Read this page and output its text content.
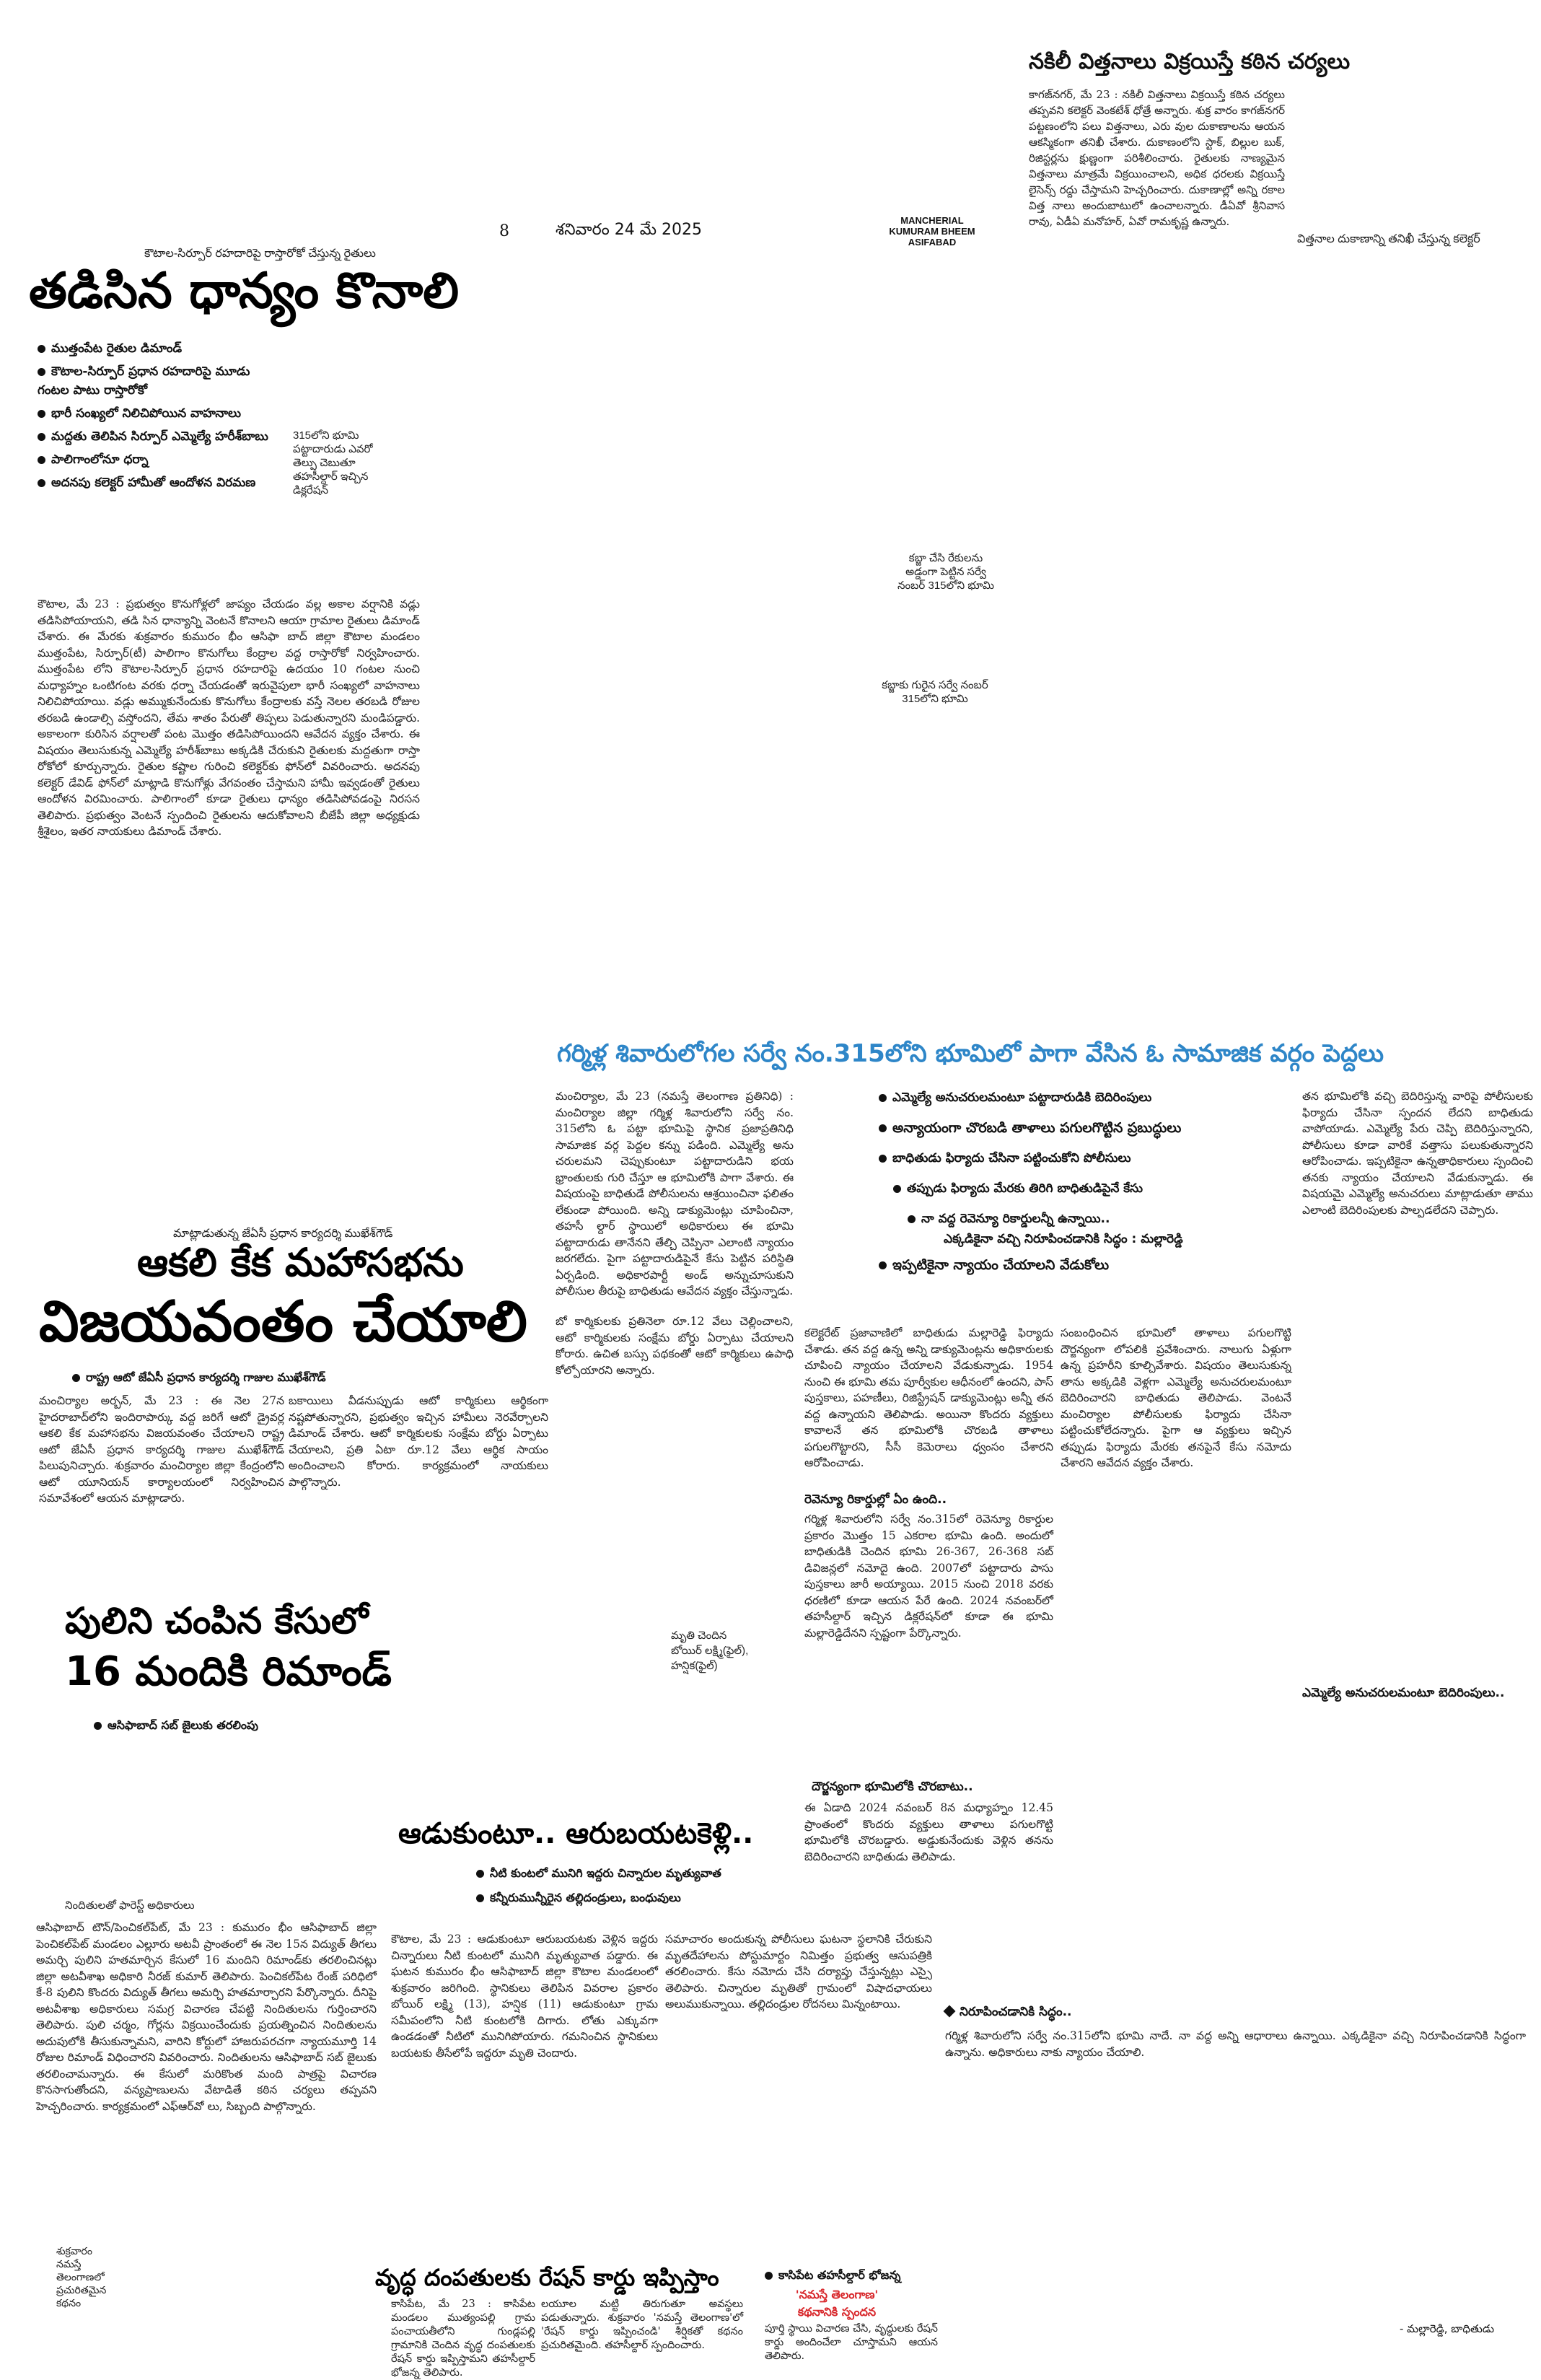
8	శనివారం 24 మే 2025
MANCHERIAL
KUMURAM BHEEM
ASIFABAD
నకిలీ విత్తనాలు విక్రయిస్తే కఠిన చర్యలు
కాగజ్‌నగర్, మే 23 : నకిలీ విత్తనాలు విక్రయిస్తే కఠిన చర్యలు తప్పవని కలెక్టర్ వెంకటేశ్ ధోత్రే అన్నారు. శుక్ర వారం కాగజ్‌నగర్ పట్టణంలోని పలు విత్తనాలు, ఎరు వుల దుకాణాలను ఆయన ఆకస్మికంగా తనిఖీ చేశారు. దుకాణంలోని స్టాక్, బిల్లుల బుక్, రిజిస్టర్లను క్షుణ్ణంగా పరిశీలించారు. రైతులకు నాణ్యమైన విత్తనాలు మాత్రమే విక్రయించాలని, అధిక ధరలకు విక్రయిస్తే లైసెన్స్ రద్దు చేస్తామని హెచ్చరించారు. దుకాణాల్లో అన్ని రకాల విత్త నాలు అందుబాటులో ఉంచాలన్నారు. డీఏవో శ్రీనివాస రావు, ఏడీఏ మనోహర్, ఏవో రామకృష్ణ ఉన్నారు.
విత్తనాల దుకాణాన్ని తనిఖీ చేస్తున్న కలెక్టర్
కౌటాల-సిర్పూర్ రహదారిపై రాస్తారోకో చేస్తున్న రైతులు
తడిసిన ధాన్యం కొనాలి
ముత్తంపేట రైతుల డిమాండ్
కౌటాల-సిర్పూర్ ప్రధాన రహదారిపై మూడు గంటల పాటు రాస్తారోకో
భారీ సంఖ్యలో నిలిచిపోయిన వాహనాలు
మద్దతు తెలిపిన సిర్పూర్ ఎమ్మెల్యే హరీశ్‌బాబు
పాలిగాంలోనూ ధర్నా
అదనపు కలెక్టర్ హామీతో ఆందోళన విరమణ
కౌటాల, మే 23 : ప్రభుత్వం కొనుగోళ్లలో జాప్యం చేయడం వల్ల అకాల వర్షానికి వడ్లు తడిసిపోయాయని, తడి సిన ధాన్యాన్ని వెంటనే కొనాలని ఆయా గ్రామాల రైతులు డిమాండ్ చేశారు. ఈ మేరకు శుక్రవారం కుమురం భీం ఆసిఫా బాద్ జిల్లా కౌటాల మండలం ముత్తంపేట, సిర్పూర్(టీ) పాలిగాం కొనుగోలు కేంద్రాల వద్ద రాస్తారోకో నిర్వహించారు. ముత్తంపేట లోని కౌటాల-సిర్పూర్ ప్రధాన రహదారిపై ఉదయం 10 గంటల నుంచి మధ్యాహ్నం ఒంటిగంట వరకు ధర్నా చేయడంతో ఇరువైపులా భారీ సంఖ్యలో వాహనాలు నిలిచిపోయాయి. వడ్లు అమ్ముకునేందుకు కొనుగోలు కేంద్రాలకు వస్తే నెలల తరబడి రోజుల తరబడి ఉండాల్సి వస్తోందని, తేమ శాతం పేరుతో తిప్పలు పెడుతున్నారని మండిపడ్డారు. అకాలంగా కురిసిన వర్షాలతో పంట మొత్తం తడిసిపోయిందని ఆవేదన వ్యక్తం చేశారు. ఈ విషయం తెలుసుకున్న ఎమ్మెల్యే హరీశ్‌బాబు అక్కడికి చేరుకుని రైతులకు మద్దతుగా రాస్తా రోకోలో కూర్చున్నారు. రైతుల కష్టాల గురించి కలెక్టర్‌కు ఫోన్‌లో వివరించారు. అదనపు కలెక్టర్ డేవిడ్ ఫోన్‌లో మాట్లాడి కొనుగోళ్లు వేగవంతం చేస్తామని హామీ ఇవ్వడంతో రైతులు ఆందోళన విరమించారు. పాలిగాంలో కూడా రైతులు ధాన్యం తడిసిపోవడంపై నిరసన తెలిపారు. ప్రభుత్వం వెంటనే స్పందించి రైతులను ఆదుకోవాలని బీజేపీ జిల్లా అధ్యక్షుడు శ్రీశైలం, ఇతర నాయకులు డిమాండ్ చేశారు.
315లోని భూమి పట్టాదారుడు ఎవరో తెల్పు చెబుతూ తహసీల్దార్ ఇచ్చిన డిక్లరేషన్
కబ్జా చేసి రేకులను అడ్డంగా పెట్టిన సర్వే నంబర్ 315లోని భూమి
కబ్జాకు గురైన సర్వే నంబర్ 315లోని భూమి
గర్మిళ్ల శివారులోగల సర్వే నం.315లోని భూమిలో పాగా వేసిన ఓ సామాజిక వర్గం పెద్దలు
మంచిర్యాల, మే 23 (నమస్తే తెలంగాణ ప్రతినిధి) : మంచిర్యాల జిల్లా గర్మిళ్ల శివారులోని సర్వే నం. 315లోని ఓ పట్టా భూమిపై స్థానిక ప్రజాప్రతినిధి సామాజిక వర్గ పెద్దల కన్ను పడింది. ఎమ్మెల్యే అను చరులమని చెప్పుకుంటూ పట్టాదారుడిని భయ భ్రాంతులకు గురి చేస్తూ ఆ భూమిలోకి పాగా వేశారు. ఈ విషయంపై బాధితుడే పోలీసులను ఆశ్రయించినా ఫలితం లేకుండా పోయింది. అన్ని డాక్యుమెంట్లు చూపించినా, తహసీ ల్దార్ స్థాయిలో అధికారులు ఈ భూమి పట్టాదారుడు తానేనని తేల్చి చెప్పినా ఎలాంటి న్యాయం జరగలేదు. పైగా పట్టాదారుడిపైనే కేసు పెట్టిన పరిస్థితి ఏర్పడింది. అధికారపార్టీ అండ్ అన్నుచూసుకుని పోలీసుల తీరుపై బాధితుడు ఆవేదన వ్యక్తం చేస్తున్నాడు.
ఎమ్మెల్యే అనుచరులమంటూ పట్టాదారుడికి బెదిరింపులు
అన్యాయంగా చొరబడి తాళాలు పగులగొట్టిన ప్రబుద్ధులు
బాధితుడు ఫిర్యాదు చేసినా పట్టించుకోని పోలీసులు
తప్పుడు ఫిర్యాదు మేరకు తిరిగి బాధితుడిపైనే కేసు
నా వద్ద రెవెన్యూ రికార్డులన్నీ ఉన్నాయి..
ఎక్కడికైనా వచ్చి నిరూపించడానికి సిద్ధం : మల్లారెడ్డి
ఇప్పటికైనా న్యాయం చేయాలని వేడుకోలు
తన భూమిలోకి వచ్చి బెదిరిస్తున్న వారిపై పోలీసులకు ఫిర్యాదు చేసినా స్పందన లేదని బాధితుడు వాపోయాడు. ఎమ్మెల్యే పేరు చెప్పి బెదిరిస్తున్నారని, పోలీసులు కూడా వారికే వత్తాసు పలుకుతున్నారని ఆరోపించాడు. ఇప్పటికైనా ఉన్నతాధికారులు స్పందించి తనకు న్యాయం చేయాలని వేడుకున్నాడు. ఈ విషయమై ఎమ్మెల్యే అనుచరులు మాట్లాడుతూ తాము ఎలాంటి బెదిరింపులకు పాల్పడలేదని చెప్పారు.
కలెక్టరేట్ ప్రజావాణిలో బాధితుడు మల్లారెడ్డి ఫిర్యాదు చేశాడు. తన వద్ద ఉన్న అన్ని డాక్యుమెంట్లను అధికారులకు చూపించి న్యాయం చేయాలని వేడుకున్నాడు. 1954 నుంచి ఈ భూమి తమ పూర్వీకుల ఆధీనంలో ఉందని, పాస్ పుస్తకాలు, పహణీలు, రిజిస్ట్రేషన్ డాక్యుమెంట్లు అన్నీ తన వద్ద ఉన్నాయని తెలిపాడు. అయినా కొందరు వ్యక్తులు కావాలనే తన భూమిలోకి చొరబడి తాళాలు పగులగొట్టారని, సీసీ కెమెరాలు ధ్వంసం చేశారని ఆరోపించాడు.
రెవెన్యూ రికార్డుల్లో ఏం ఉంది..
గర్మిళ్ల శివారులోని సర్వే నం.315లో రెవెన్యూ రికార్డుల ప్రకారం మొత్తం 15 ఎకరాల భూమి ఉంది. అందులో బాధితుడికి చెందిన భూమి 26-367, 26-368 సబ్ డివిజన్లలో నమోదై ఉంది. 2007లో పట్టాదారు పాసు పుస్తకాలు జారీ అయ్యాయి. 2015 నుంచి 2018 వరకు ధరణిలో కూడా ఆయన పేరే ఉంది. 2024 నవంబర్‌లో తహసీల్దార్ ఇచ్చిన డిక్లరేషన్‌లో కూడా ఈ భూమి మల్లారెడ్డిదేనని స్పష్టంగా పేర్కొన్నారు.
దౌర్జన్యంగా భూమిలోకి చొరబాటు..
ఈ ఏడాది 2024 నవంబర్ 8న మధ్యాహ్నం 12.45 ప్రాంతంలో కొందరు వ్యక్తులు తాళాలు పగులగొట్టి భూమిలోకి చొరబడ్డారు. అడ్డుకునేందుకు వెళ్లిన తనను బెదిరించారని బాధితుడు తెలిపాడు.
సంబంధించిన భూమిలో తాళాలు పగులగొట్టి దౌర్జన్యంగా లోపలికి ప్రవేశించారు. నాలుగు ఏళ్లుగా ఉన్న ప్రహరీని కూల్చివేశారు. విషయం తెలుసుకున్న తాను అక్కడికి వెళ్లగా ఎమ్మెల్యే అనుచరులమంటూ బెదిరించారని బాధితుడు తెలిపాడు. వెంటనే మంచిర్యాల పోలీసులకు ఫిర్యాదు చేసినా పట్టించుకోలేదన్నారు. పైగా ఆ వ్యక్తులు ఇచ్చిన తప్పుడు ఫిర్యాదు మేరకు తనపైనే కేసు నమోదు చేశారని ఆవేదన వ్యక్తం చేశారు.
ఎమ్మెల్యే అనుచరులమంటూ బెదిరింపులు..
నిరూపించడానికి సిద్ధం..
గర్మిళ్ల శివారులోని సర్వే నం.315లోని భూమి నాదే. నా వద్ద అన్ని ఆధారాలు ఉన్నాయి. ఎక్కడికైనా వచ్చి నిరూపించడానికి సిద్ధంగా ఉన్నాను. అధికారులు నాకు న్యాయం చేయాలి.
- మల్లారెడ్డి, బాధితుడు
మాట్లాడుతున్న జేఏసీ ప్రధాన కార్యదర్శి ముఖేశ్‌గౌడ్
ఆకలి కేక మహాసభను
విజయవంతం చేయాలి
రాష్ట్ర ఆటో జేఏసీ ప్రధాన కార్యదర్శి గాజుల ముఖేశ్‌గౌడ్
మంచిర్యాల అర్బన్, మే 23 : ఈ నెల 27న హైదరాబాద్‌లోని ఇందిరాపార్కు వద్ద జరిగే ఆటో డ్రైవర్ల ఆకలి కేక మహాసభను విజయవంతం చేయాలని రాష్ట్ర ఆటో జేఏసీ ప్రధాన కార్యదర్శి గాజుల ముఖేశ్‌గౌడ్ పిలుపునిచ్చారు. శుక్రవారం మంచిర్యాల జిల్లా కేంద్రంలోని ఆటో యూనియన్ కార్యాలయంలో నిర్వహించిన సమావేశంలో ఆయన మాట్లాడారు.
బకాయిలు వీడనుప్పుడు ఆటో కార్మికులు ఆర్థికంగా నష్టపోతున్నారని, ప్రభుత్వం ఇచ్చిన హామీలు నెరవేర్చాలని డిమాండ్ చేశారు. ఆటో కార్మికులకు సంక్షేమ బోర్డు ఏర్పాటు చేయాలని, ప్రతి ఏటా రూ.12 వేలు ఆర్థిక సాయం అందించాలని కోరారు. కార్యక్రమంలో నాయకులు పాల్గొన్నారు.
బో కార్మికులకు ప్రతినెలా రూ.12 వేలు చెల్లించాలని, ఆటో కార్మికులకు సంక్షేమ బోర్డు ఏర్పాటు చేయాలని కోరారు. ఉచిత బస్సు పథకంతో ఆటో కార్మికులు ఉపాధి కోల్పోయారని అన్నారు.
మృతి చెందిన బోయిర్ లక్ష్మి(ఫైల్), హన్షిక(ఫైల్)
పులిని చంపిన కేసులో
16 మందికి రిమాండ్
ఆసిఫాబాద్ సబ్ జైలుకు తరలింపు
నిందితులతో ఫారెస్ట్ అధికారులు
ఆసిఫాబాద్ టౌన్/పెంచికల్‌పేట్, మే 23 : కుమురం భీం ఆసిఫాబాద్ జిల్లా పెంచికల్‌పేట్ మండలం ఎల్లూరు అటవీ ప్రాంతంలో ఈ నెల 15న విద్యుత్ తీగలు అమర్చి పులిని హతమార్చిన కేసులో 16 మందిని రిమాండ్‌కు తరలించినట్లు జిల్లా అటవీశాఖ అధికారి నీరజ్ కుమార్ తెలిపారు. పెంచికల్‌పేట రేంజ్ పరిధిలో కే-8 పులిని కొందరు విద్యుత్ తీగలు అమర్చి హతమార్చారని పేర్కొన్నారు. దీనిపై అటవీశాఖ అధికారులు సమగ్ర విచారణ చేపట్టి నిందితులను గుర్తించారని తెలిపారు. పులి చర్మం, గోర్లను విక్రయించేందుకు ప్రయత్నించిన నిందితులను అదుపులోకి తీసుకున్నామని, వారిని కోర్టులో హాజరుపరచగా న్యాయమూర్తి 14 రోజుల రిమాండ్ విధించారని వివరించారు. నిందితులను ఆసిఫాబాద్ సబ్ జైలుకు తరలించామన్నారు. ఈ కేసులో మరికొంత మంది పాత్రపై విచారణ కొనసాగుతోందని, వన్యప్రాణులను వేటాడితే కఠిన చర్యలు తప్పవని హెచ్చరించారు. కార్యక్రమంలో ఎఫ్‌ఆర్‌వో లు, సిబ్బంది పాల్గొన్నారు.
శుక్రవారం నమస్తే తెలంగాణలో ప్రచురితమైన కథనం
ఆడుకుంటూ.. ఆరుబయటకెళ్లి..
నీటి కుంటలో మునిగి ఇద్దరు చిన్నారుల మృత్యువాత
కన్నీరుమున్నీరైన తల్లిదండ్రులు, బంధువులు
కౌటాల, మే 23 : ఆడుకుంటూ ఆరుబయటకు వెళ్లిన ఇద్దరు చిన్నారులు నీటి కుంటలో మునిగి మృత్యువాత పడ్డారు. ఈ ఘటన కుమురం భీం ఆసిఫాబాద్ జిల్లా కౌటాల మండలంలో శుక్రవారం జరిగింది. స్థానికులు తెలిపిన వివరాల ప్రకారం బోయిర్ లక్ష్మి (13), హన్షిక (11) ఆడుకుంటూ గ్రామ సమీపంలోని నీటి కుంటలోకి దిగారు. లోతు ఎక్కువగా ఉండడంతో నీటిలో మునిగిపోయారు. గమనించిన స్థానికులు బయటకు తీసేలోపే ఇద్దరూ మృతి చెందారు.
సమాచారం అందుకున్న పోలీసులు ఘటనా స్థలానికి చేరుకుని మృతదేహాలను పోస్టుమార్టం నిమిత్తం ప్రభుత్వ ఆసుపత్రికి తరలించారు. కేసు నమోదు చేసి దర్యాప్తు చేస్తున్నట్లు ఎస్సై తెలిపారు. చిన్నారుల మృతితో గ్రామంలో విషాదఛాయలు అలుముకున్నాయి. తల్లిదండ్రుల రోదనలు మిన్నంటాయి.
వృద్ధ దంపతులకు రేషన్ కార్డు ఇప్పిస్తాం	కాసిపేట తహసీల్దార్ భోజన్న
'నమస్తే తెలంగాణ'
కథనానికి స్పందన
కాసిపేట, మే 23 : కాసిపేట మండలం ముత్యంపల్లి గ్రామ పంచాయతీలోని గుండ్లపల్లి గ్రామానికి చెందిన వృద్ధ దంపతులకు రేషన్ కార్డు ఇప్పిస్తామని తహసీల్దార్ భోజన్న తెలిపారు.
లయూల మట్టి తిరుగుతూ అవస్థలు పడుతున్నారు. శుక్రవారం 'నమస్తే తెలంగాణ'లో 'రేషన్ కార్డు ఇప్పించండి' శీర్షికతో కథనం ప్రచురితమైంది. తహసీల్దార్ స్పందించారు.
పూర్తి స్థాయి విచారణ చేసి, వృద్ధులకు రేషన్ కార్డు అందించేలా చూస్తామని ఆయన తెలిపారు.
